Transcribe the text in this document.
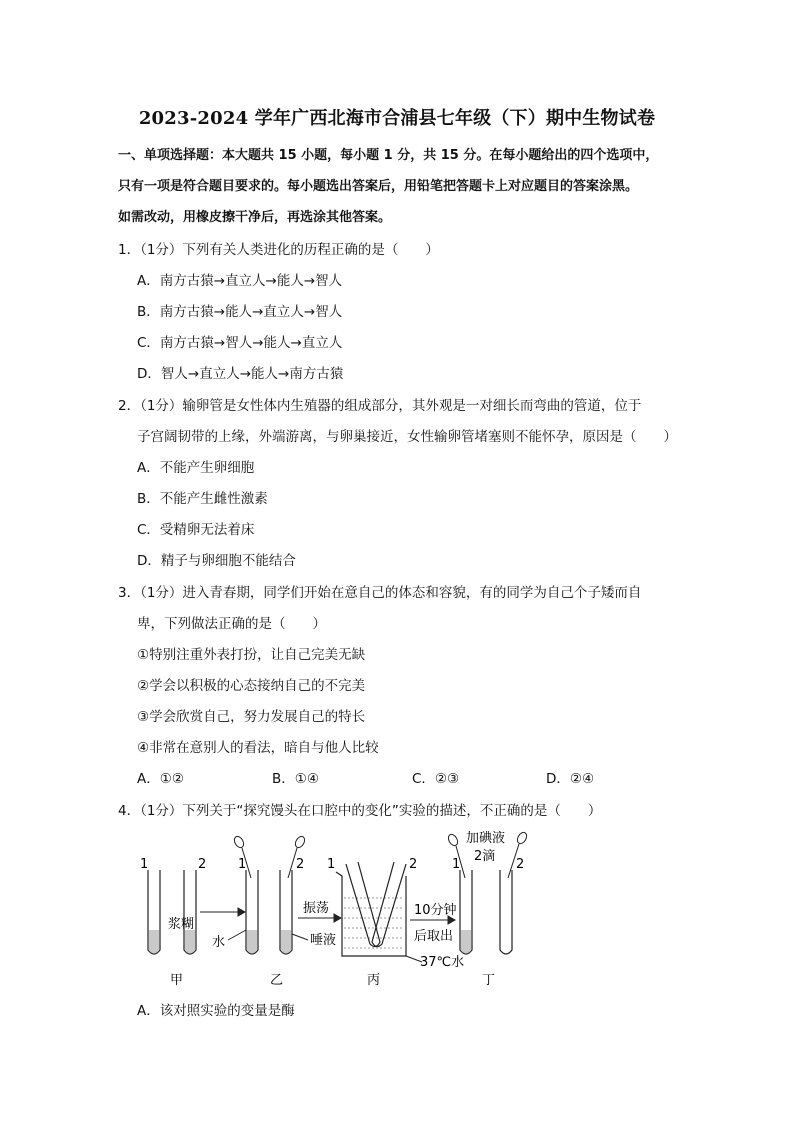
2023-2024 学年广西北海市合浦县七年级（下）期中生物试卷
一、单项选择题：本大题共 15 小题，每小题 1 分，共 15 分。在每小题给出的四个选项中，
只有一项是符合题目要求的。每小题选出答案后，用铅笔把答题卡上对应题目的答案涂黑。
如需改动，用橡皮擦干净后，再选涂其他答案。
1．（1分）下列有关人类进化的历程正确的是（　　）
A．南方古猿→直立人→能人→智人
B．南方古猿→能人→直立人→智人
C．南方古猿→智人→能人→直立人
D．智人→直立人→能人→南方古猿
2．（1分）输卵管是女性体内生殖器的组成部分，其外观是一对细长而弯曲的管道，位于
子宫阔韧带的上缘，外端游离，与卵巢接近，女性输卵管堵塞则不能怀孕，原因是（　　）
A．不能产生卵细胞
B．不能产生雌性激素
C．受精卵无法着床
D．精子与卵细胞不能结合
3．（1分）进入青春期，同学们开始在意自己的体态和容貌，有的同学为自己个子矮而自
卑，下列做法正确的是（　　）
①特别注重外表打扮，让自己完美无缺
②学会以积极的心态接纳自己的不完美
③学会欣赏自己，努力发展自己的特长
④非常在意别人的看法，暗自与他人比较
A．①②	B．①④	C．②③	D．②④
4．（1分）下列关于“探究馒头在口腔中的变化”实验的描述，不正确的是（　　）
1	2
浆糊
甲
1	2
水
乙
振荡
唾液
1	2
丙
10分钟
后取出
37℃水
1	2
加碘液
2滴
丁
A．该对照实验的变量是酶
